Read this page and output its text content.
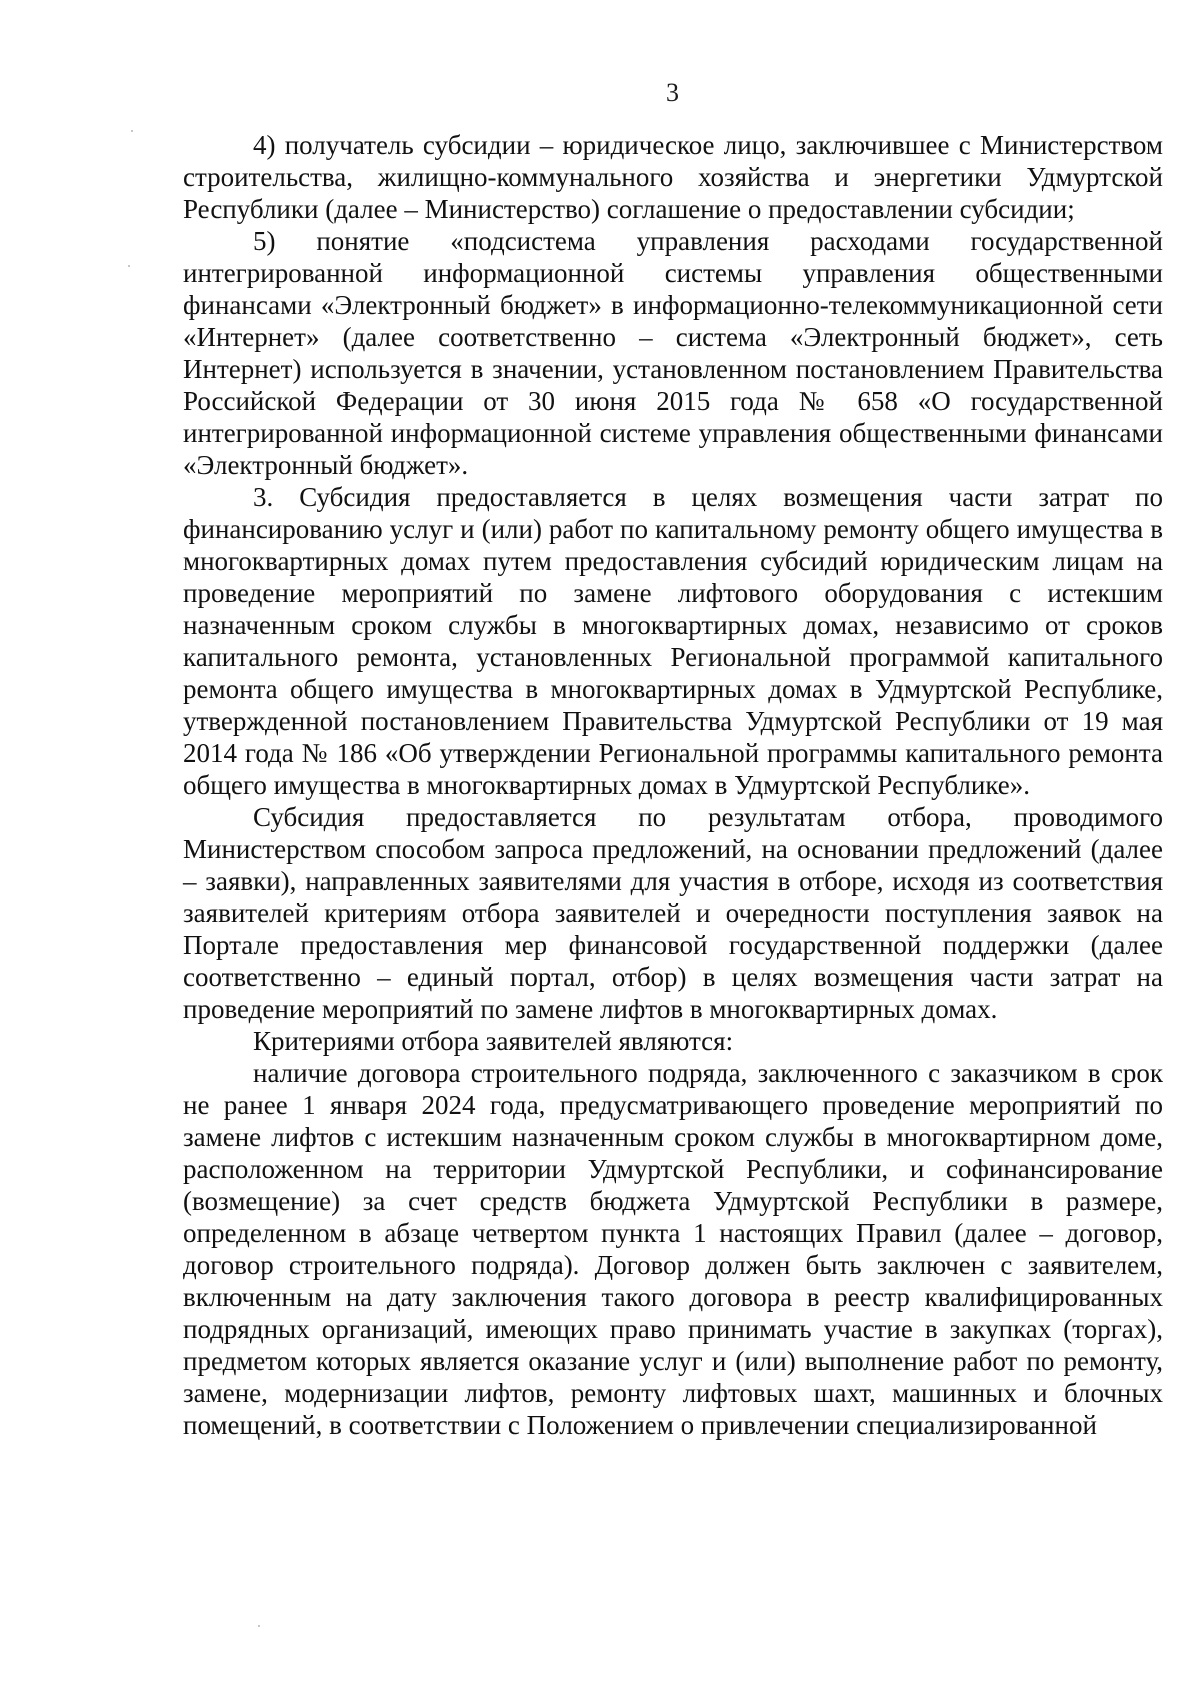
3

4) получатель субсидии – юридическое лицо, заключившее с Министерством строительства, жилищно-коммунального хозяйства и энергетики Удмуртской Республики (далее – Министерство) соглашение о предоставлении субсидии;

5) понятие «подсистема управления расходами государственной интегрированной информационной системы управления общественными финансами «Электронный бюджет» в информационно-телекоммуникационной сети «Интернет» (далее соответственно – система «Электронный бюджет», сеть Интернет) используется в значении, установленном постановлением Правительства Российской Федерации от 30 июня 2015 года № 658 «О государственной интегрированной информационной системе управления общественными финансами «Электронный бюджет».

3. Субсидия предоставляется в целях возмещения части затрат по финансированию услуг и (или) работ по капитальному ремонту общего имущества в многоквартирных домах путем предоставления субсидий юридическим лицам на проведение мероприятий по замене лифтового оборудования с истекшим назначенным сроком службы в многоквартирных домах, независимо от сроков капитального ремонта, установленных Региональной программой капитального ремонта общего имущества в многоквартирных домах в Удмуртской Республике, утвержденной постановлением Правительства Удмуртской Республики от 19 мая 2014 года № 186 «Об утверждении Региональной программы капитального ремонта общего имущества в многоквартирных домах в Удмуртской Республике».

Субсидия предоставляется по результатам отбора, проводимого Министерством способом запроса предложений, на основании предложений (далее – заявки), направленных заявителями для участия в отборе, исходя из соответствия заявителей критериям отбора заявителей и очередности поступления заявок на Портале предоставления мер финансовой государственной поддержки (далее соответственно – единый портал, отбор) в целях возмещения части затрат на проведение мероприятий по замене лифтов в многоквартирных домах.

Критериями отбора заявителей являются:

наличие договора строительного подряда, заключенного с заказчиком в срок не ранее 1 января 2024 года, предусматривающего проведение мероприятий по замене лифтов с истекшим назначенным сроком службы в многоквартирном доме, расположенном на территории Удмуртской Республики, и софинансирование (возмещение) за счет средств бюджета Удмуртской Республики в размере, определенном в абзаце четвертом пункта 1 настоящих Правил (далее – договор, договор строительного подряда). Договор должен быть заключен с заявителем, включенным на дату заключения такого договора в реестр квалифицированных подрядных организаций, имеющих право принимать участие в закупках (торгах), предметом которых является оказание услуг и (или) выполнение работ по ремонту, замене, модернизации лифтов, ремонту лифтовых шахт, машинных и блочных помещений, в соответствии с Положением о привлечении специализированной
